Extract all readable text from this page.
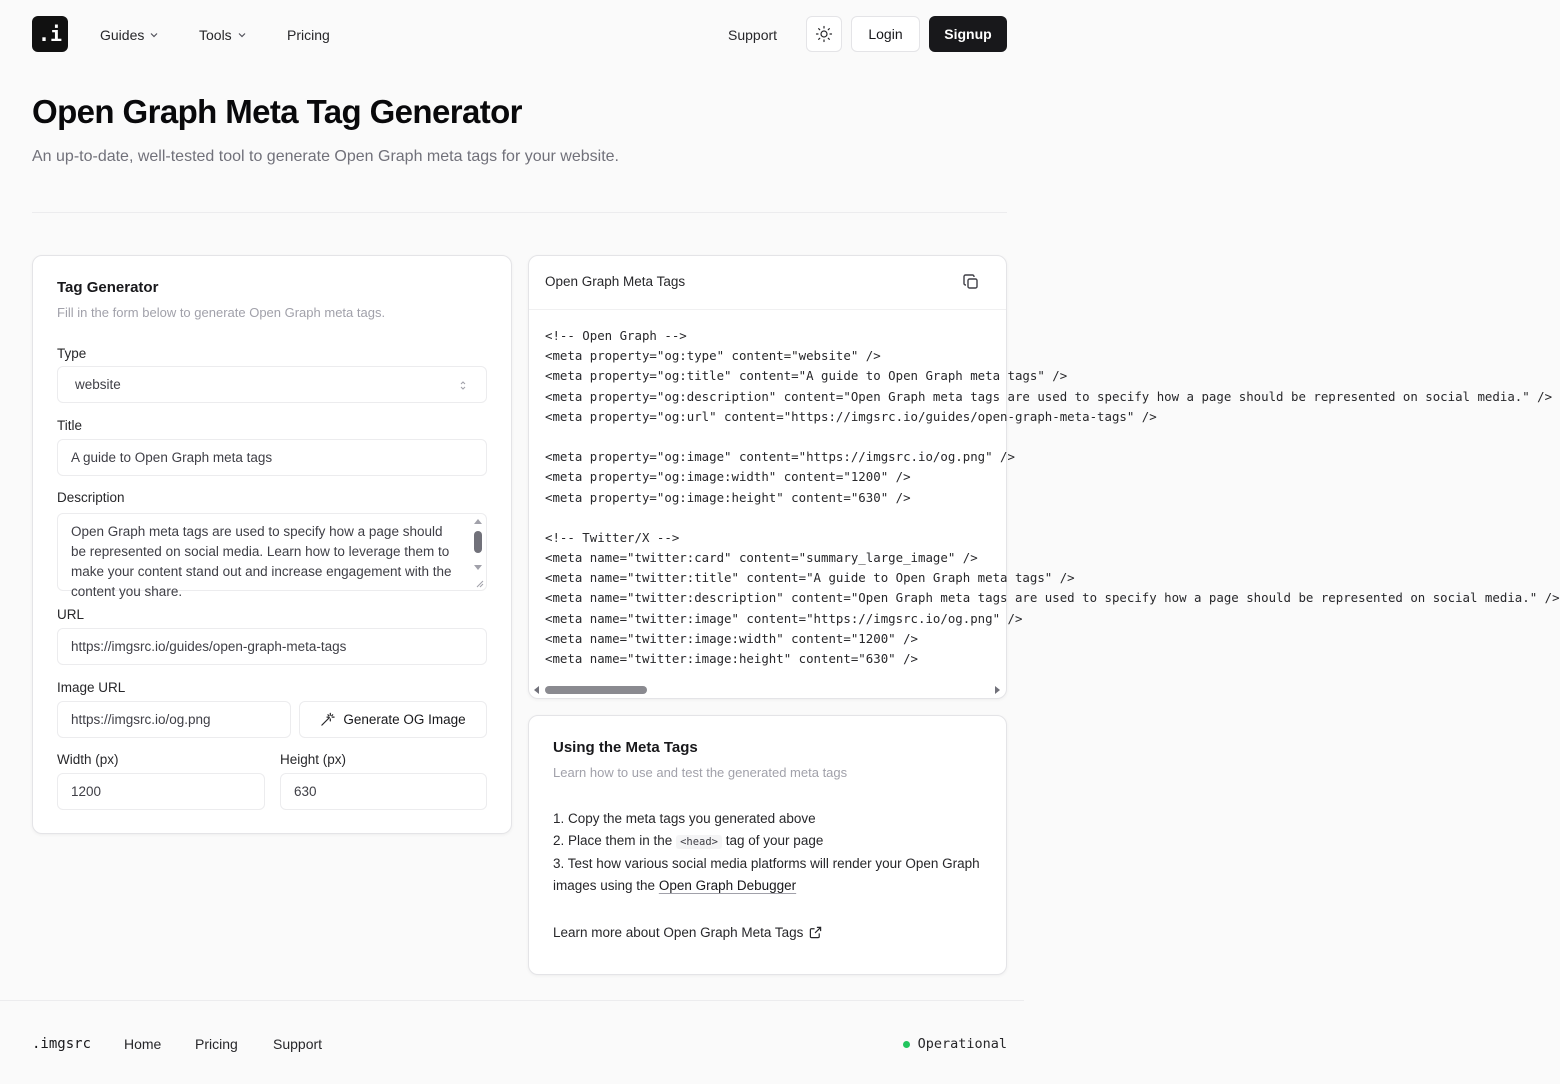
.i	Guides	Tools	Pricing	Support	Login	Signup
Open Graph Meta Tag Generator

An up-to-date, well-tested tool to generate Open Graph meta tags for your website.

Tag Generator
Fill in the form below to generate Open Graph meta tags.
Type
website
Title
A guide to Open Graph meta tags
Description
Open Graph meta tags are used to specify how a page should be represented on social media. Learn how to leverage them to make your content stand out and increase engagement with the content you share.
URL
https://imgsrc.io/guides/open-graph-meta-tags
Image URL
https://imgsrc.io/og.png	Generate OG Image
Width (px)
1200
Height (px)
630
Open Graph Meta Tags
<!-- Open Graph -->
<meta property="og:type" content="website" />
<meta property="og:title" content="A guide to Open Graph meta tags" />
<meta property="og:description" content="Open Graph meta tags are used to specify how a page should be represented on social media." />
<meta property="og:url" content="https://imgsrc.io/guides/open-graph-meta-tags" />
<meta property="og:image" content="https://imgsrc.io/og.png" />
<meta property="og:image:width" content="1200" />
<meta property="og:image:height" content="630" />
<!-- Twitter/X -->
<meta name="twitter:card" content="summary_large_image" />
<meta name="twitter:title" content="A guide to Open Graph meta tags" />
<meta name="twitter:description" content="Open Graph meta tags are used to specify how a page should be represented on social media." />
<meta name="twitter:image" content="https://imgsrc.io/og.png" />
<meta name="twitter:image:width" content="1200" />
<meta name="twitter:image:height" content="630" />
Using the Meta Tags
Learn how to use and test the generated meta tags
1. Copy the meta tags you generated above
2. Place them in the <head> tag of your page
3. Test how various social media platforms will render your Open Graph images using the Open Graph Debugger
Learn more about Open Graph Meta Tags
.imgsrc Home Pricing	Support	Operational
